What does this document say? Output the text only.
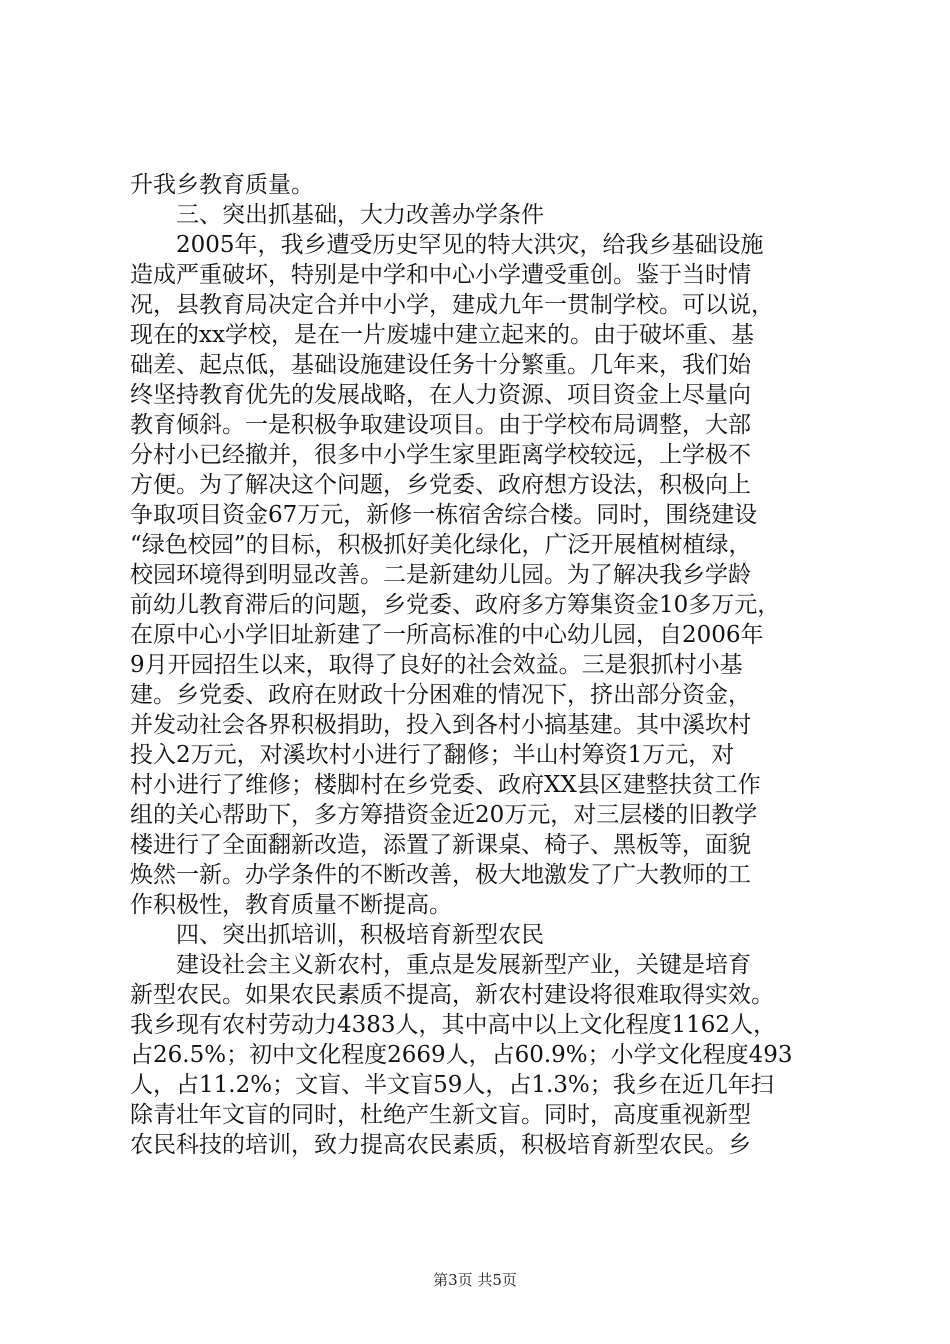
升我乡教育质量。
三、突出抓基础，大力改善办学条件
2005年，我乡遭受历史罕见的特大洪灾，给我乡基础设施
造成严重破坏，特别是中学和中心小学遭受重创。鉴于当时情
况，县教育局决定合并中小学，建成九年一贯制学校。可以说，
现在的xx学校，是在一片废墟中建立起来的。由于破坏重、基
础差、起点低，基础设施建设任务十分繁重。几年来，我们始
终坚持教育优先的发展战略，在人力资源、项目资金上尽量向
教育倾斜。一是积极争取建设项目。由于学校布局调整，大部
分村小已经撤并，很多中小学生家里距离学校较远，上学极不
方便。为了解决这个问题，乡党委、政府想方设法，积极向上
争取项目资金67万元，新修一栋宿舍综合楼。同时，围绕建设
“绿色校园”的目标，积极抓好美化绿化，广泛开展植树植绿，
校园环境得到明显改善。二是新建幼儿园。为了解决我乡学龄
前幼儿教育滞后的问题，乡党委、政府多方筹集资金10多万元，
在原中心小学旧址新建了一所高标准的中心幼儿园，自2006年
9月开园招生以来，取得了良好的社会效益。三是狠抓村小基
建。乡党委、政府在财政十分困难的情况下，挤出部分资金，
并发动社会各界积极捐助，投入到各村小搞基建。其中溪坎村
投入2万元，对溪坎村小进行了翻修；半山村筹资1万元，对
村小进行了维修；楼脚村在乡党委、政府XX县区建整扶贫工作
组的关心帮助下，多方筹措资金近20万元，对三层楼的旧教学
楼进行了全面翻新改造，添置了新课桌、椅子、黑板等，面貌
焕然一新。办学条件的不断改善，极大地激发了广大教师的工
作积极性，教育质量不断提高。
四、突出抓培训，积极培育新型农民
建设社会主义新农村，重点是发展新型产业，关键是培育
新型农民。如果农民素质不提高，新农村建设将很难取得实效。
我乡现有农村劳动力4383人，其中高中以上文化程度1162人，
占26.5%；初中文化程度2669人，占60.9%；小学文化程度493
人，占11.2%；文盲、半文盲59人，占1.3%；我乡在近几年扫
除青壮年文盲的同时，杜绝产生新文盲。同时，高度重视新型
农民科技的培训，致力提高农民素质，积极培育新型农民。乡
第3页 共5页
